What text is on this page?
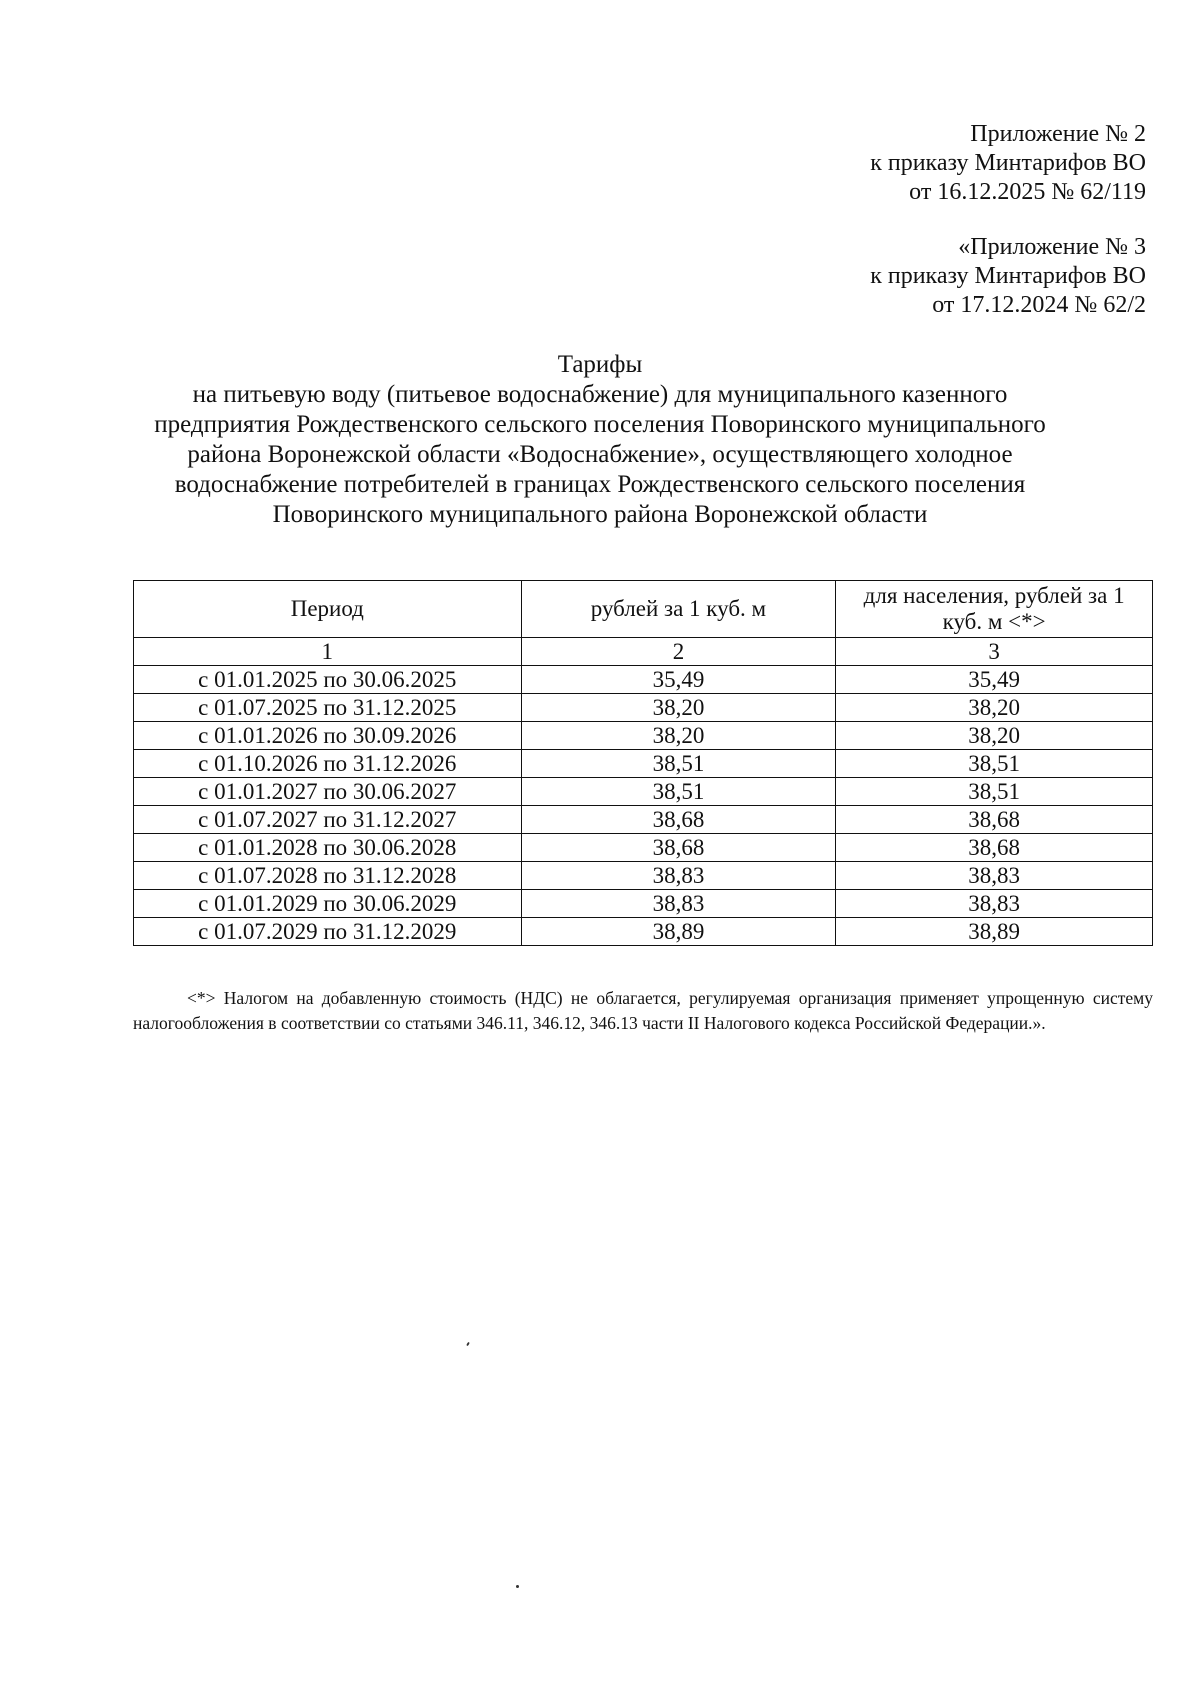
Приложение № 2
к приказу Минтарифов ВО
от 16.12.2025 № 62/119
«Приложение № 3
к приказу Минтарифов ВО
от 17.12.2024 № 62/2
Тарифы
на питьевую воду (питьевое водоснабжение) для муниципального казенного
предприятия Рождественского сельского поселения Поворинского муниципального
района Воронежской области «Водоснабжение», осуществляющего холодное
водоснабжение потребителей в границах Рождественского сельского поселения
Поворинского муниципального района Воронежской области
Период	рублей за 1 куб. м	для населения, рублей за 1
куб. м <*>
1	2	3
с 01.01.2025 по 30.06.2025	35,49	35,49
с 01.07.2025 по 31.12.2025	38,20	38,20
с 01.01.2026 по 30.09.2026	38,20	38,20
с 01.10.2026 по 31.12.2026	38,51	38,51
с 01.01.2027 по 30.06.2027	38,51	38,51
с 01.07.2027 по 31.12.2027	38,68	38,68
с 01.01.2028 по 30.06.2028	38,68	38,68
с 01.07.2028 по 31.12.2028	38,83	38,83
с 01.01.2029 по 30.06.2029	38,83	38,83
с 01.07.2029 по 31.12.2029	38,89	38,89
<*> Налогом на добавленную стоимость (НДС) не облагается, регулируемая организация применяет упрощенную систему налогообложения в соответствии со статьями 346.11, 346.12, 346.13 части II Налогового кодекса Российской Федерации.».
